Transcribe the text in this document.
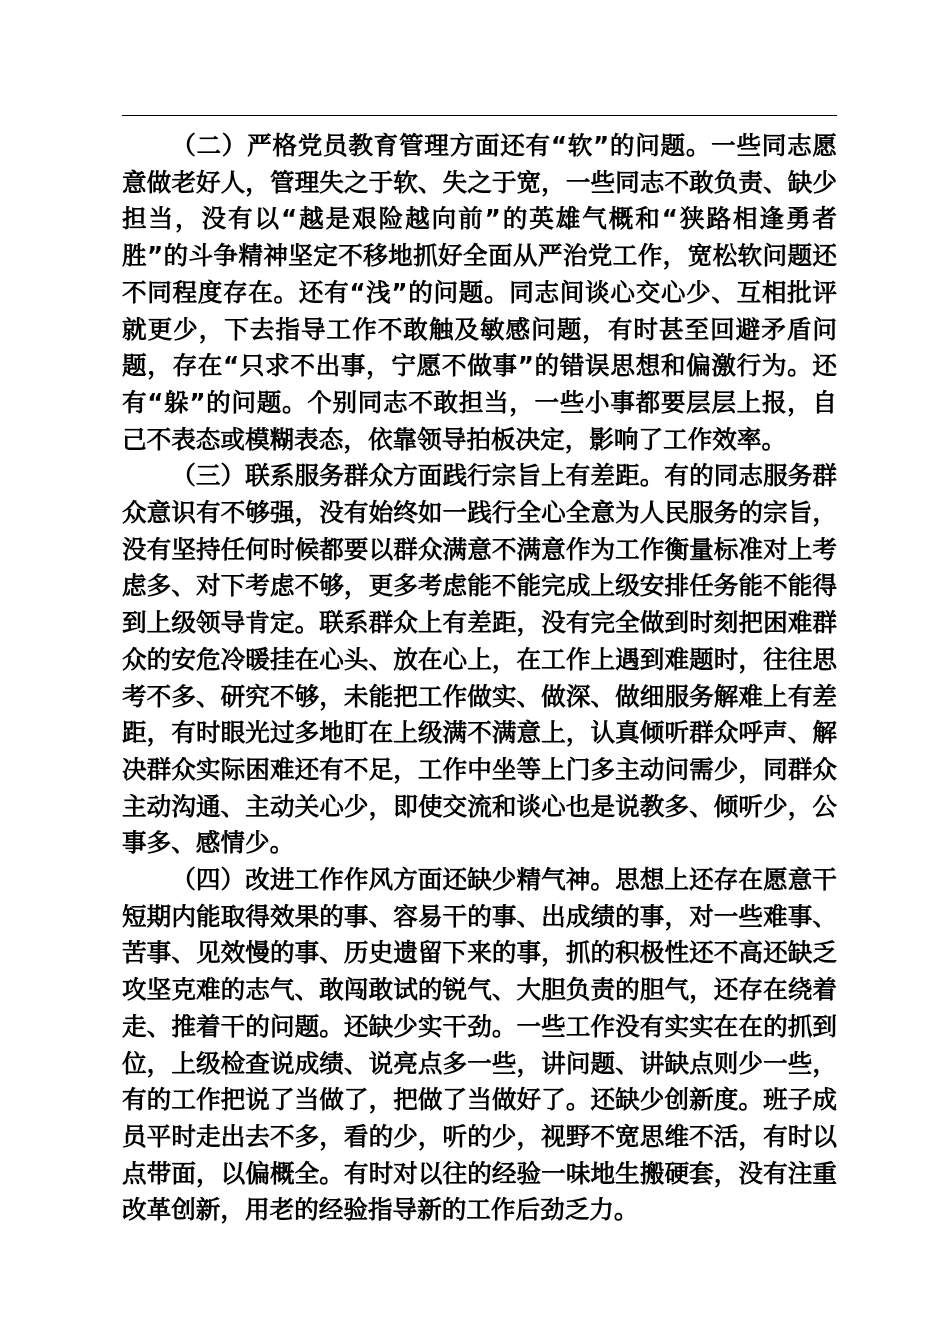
（二）严格党员教育管理方面还有“软”的问题。一些同志愿意做老好人，管理失之于软、失之于宽，一些同志不敢负责、缺少担当，没有以“越是艰险越向前”的英雄气概和“狭路相逢勇者胜”的斗争精神坚定不移地抓好全面从严治党工作，宽松软问题还不同程度存在。还有“浅”的问题。同志间谈心交心少、互相批评就更少，下去指导工作不敢触及敏感问题，有时甚至回避矛盾问题，存在“只求不出事，宁愿不做事”的错误思想和偏激行为。还有“躲”的问题。个别同志不敢担当，一些小事都要层层上报，自己不表态或模糊表态，依靠领导拍板决定，影响了工作效率。

（三）联系服务群众方面践行宗旨上有差距。有的同志服务群众意识有不够强，没有始终如一践行全心全意为人民服务的宗旨，没有坚持任何时候都要以群众满意不满意作为工作衡量标准对上考虑多、对下考虑不够，更多考虑能不能完成上级安排任务能不能得到上级领导肯定。联系群众上有差距，没有完全做到时刻把困难群众的安危冷暖挂在心头、放在心上，在工作上遇到难题时，往往思考不多、研究不够，未能把工作做实、做深、做细服务解难上有差距，有时眼光过多地盯在上级满不满意上，认真倾听群众呼声、解决群众实际困难还有不足，工作中坐等上门多主动问需少，同群众主动沟通、主动关心少，即使交流和谈心也是说教多、倾听少，公事多、感情少。

（四）改进工作作风方面还缺少精气神。思想上还存在愿意干短期内能取得效果的事、容易干的事、出成绩的事，对一些难事、苦事、见效慢的事、历史遗留下来的事，抓的积极性还不高还缺乏攻坚克难的志气、敢闯敢试的锐气、大胆负责的胆气，还存在绕着走、推着干的问题。还缺少实干劲。一些工作没有实实在在的抓到位，上级检查说成绩、说亮点多一些，讲问题、讲缺点则少一些，有的工作把说了当做了，把做了当做好了。还缺少创新度。班子成员平时走出去不多，看的少，听的少，视野不宽思维不活，有时以点带面，以偏概全。有时对以往的经验一味地生搬硬套，没有注重改革创新，用老的经验指导新的工作后劲乏力。
